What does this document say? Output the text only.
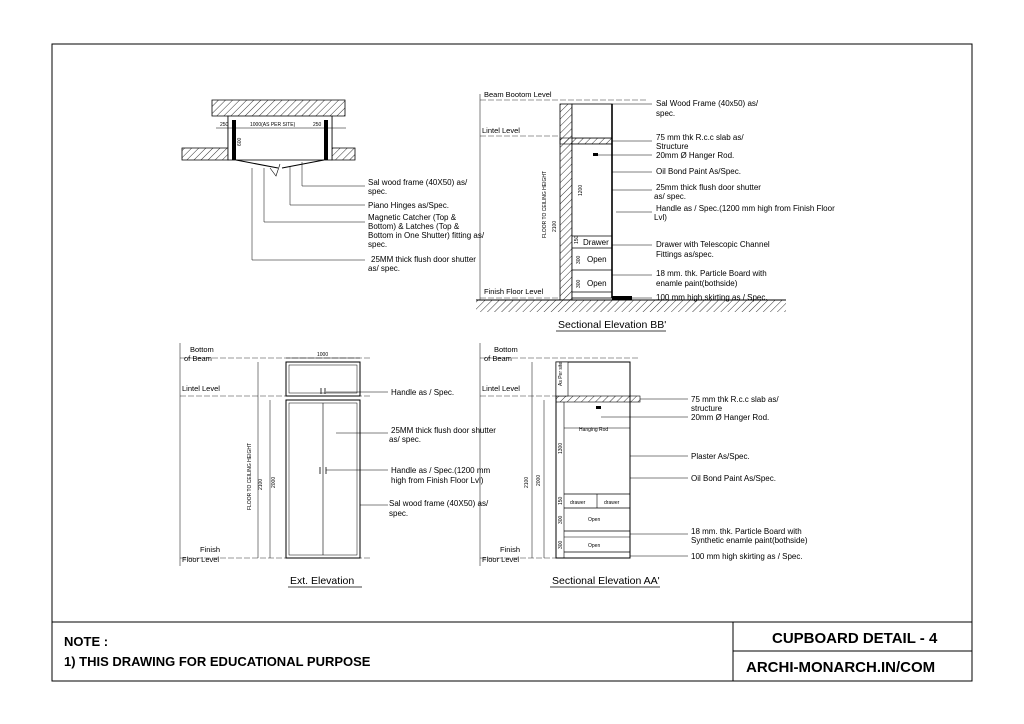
250	1000(AS PER SITE)	250
600
Sal wood frame (40X50) as/
spec.
Piano Hinges as/Spec.
Magnetic Catcher (Top &
Bottom) & Latches (Top &
Bottom in One Shutter) fitting as/
spec.
25MM thick flush door shutter
as/ spec.
Beam Bootom Level
Lintel Level
Finish Floor Level
Drawer
Open
Open
FLOOR TO CEILING HEIGHT 2100
1200
150
300
300
Sal Wood Frame (40x50) as/
spec.
75 mm thk R.c.c slab as/
Structure
20mm Ø Hanger Rod.
Oil Bond Paint As/Spec.
25mm thick flush door shutter
as/ spec.
Handle as / Spec.(1200 mm high from Finish Floor
Lvl)
Drawer with Telescopic Channel
Fittings as/spec.
18 mm. thk. Particle Board with
enamle paint(bothside)
100 mm high skirting as / Spec.
Sectional Elevation BB'
Bottom
of Beam
Lintel Level
Finish
Floor Level
1000
FLOOR TO CEILING HEIGHT 2100 2000
Handle as / Spec.
25MM thick flush door shutter
as/ spec.
Handle as / Spec.(1200 mm
high from Finish Floor Lvl)
Sal wood frame (40X50) as/
spec.
Ext. Elevation
Bottom
of Beam
Lintel Level
Finish
Floor Level
Hanging Rod
drawer	drawer
Open
Open
As Per site
2100 2000
1300
150
300
300
75 mm thk R.c.c slab as/
structure
20mm Ø Hanger Rod.
Plaster As/Spec.
Oil Bond Paint As/Spec.
18 mm. thk. Particle Board with
Synthetic enamle paint(bothside)
100 mm high skirting as / Spec.
Sectional Elevation AA'
NOTE :
1) THIS DRAWING FOR EDUCATIONAL PURPOSE
CUPBOARD DETAIL - 4
ARCHI-MONARCH.IN/COM
